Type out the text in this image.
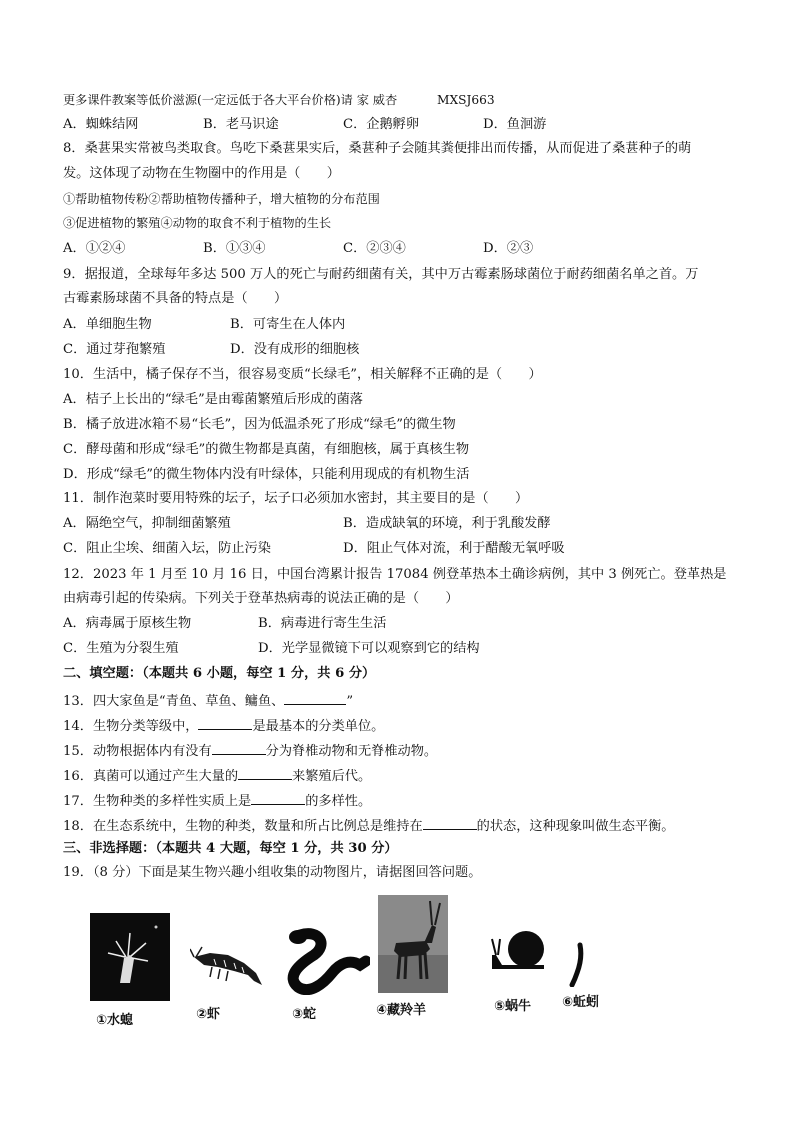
更多课件教案等低价滋源(一定远低于各大平台价格)请 家 威杏	MXSJ663
A．蜘蛛结网	B．老马识途	C．企鹅孵卵	D．鱼洄游
8．桑葚果实常被鸟类取食。鸟吃下桑葚果实后，桑葚种子会随其粪便排出而传播，从而促进了桑葚种子的萌
发。这体现了动物在生物圈中的作用是（　　）
①帮助植物传粉②帮助植物传播种子，增大植物的分布范围
③促进植物的繁殖④动物的取食不利于植物的生长
A．①②④	B．①③④	C．②③④	D．②③
9．据报道，全球每年多达 500 万人的死亡与耐药细菌有关，其中万古霉素肠球菌位于耐药细菌名单之首。万
古霉素肠球菌不具备的特点是（　　）
A．单细胞生物	B．可寄生在人体内
C．通过芽孢繁殖	D．没有成形的细胞核
10．生活中，橘子保存不当，很容易变质“长绿毛”，相关解释不正确的是（　　）
A．桔子上长出的“绿毛”是由霉菌繁殖后形成的菌落
B．橘子放进冰箱不易“长毛”，因为低温杀死了形成“绿毛”的微生物
C．酵母菌和形成“绿毛”的微生物都是真菌，有细胞核，属于真核生物
D．形成“绿毛”的微生物体内没有叶绿体，只能利用现成的有机物生活
11．制作泡菜时要用特殊的坛子，坛子口必须加水密封，其主要目的是（　　）
A．隔绝空气，抑制细菌繁殖	B．造成缺氧的环境，利于乳酸发酵
C．阻止尘埃、细菌入坛，防止污染	D．阻止气体对流，利于醋酸无氧呼吸
12．2023 年 1 月至 10 月 16 日，中国台湾累计报告 17084 例登革热本土确诊病例，其中 3 例死亡。登革热是
由病毒引起的传染病。下列关于登革热病毒的说法正确的是（　　）
A．病毒属于原核生物	B．病毒进行寄生生活
C．生殖为分裂生殖	D．光学显微镜下可以观察到它的结构
二、填空题：（本题共 6 小题，每空 1 分，共 6 分）
13．四大家鱼是“青鱼、草鱼、鳙鱼、	”
14．生物分类等级中，	是最基本的分类单位。
15．动物根据体内有没有	分为脊椎动物和无脊椎动物。
16．真菌可以通过产生大量的	来繁殖后代。
17．生物种类的多样性实质上是	的多样性。
18．在生态系统中，生物的种类，数量和所占比例总是维持在	的状态，这种现象叫做生态平衡。
三、非选择题：（本题共 4 大题，每空 1 分，共 30 分）
19．（8 分）下面是某生物兴趣小组收集的动物图片，请据图回答问题。
①水螅	②虾	③蛇	④藏羚羊	⑤蜗牛 ⑥蚯蚓
